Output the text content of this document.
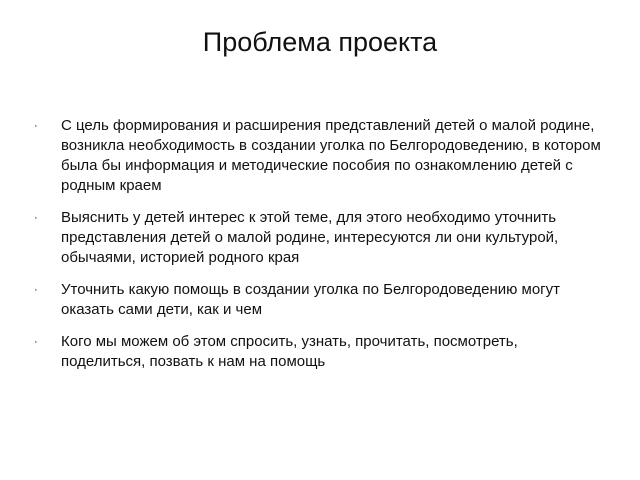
Проблема проекта
· С цель формирования и расширения представлений детей о малой родине, возникла необходимость в создании уголка по Белгородоведению, в котором была бы информация и методические пособия по ознакомлению детей с родным краем
· Выяснить у детей интерес к этой теме, для этого необходимо уточнить представления детей о малой родине, интересуются ли они культурой, обычаями, историей родного края
· Уточнить какую помощь в создании уголка по Белгородоведению могут оказать сами дети, как и чем
· Кого мы можем об этом спросить, узнать, прочитать, посмотреть, поделиться, позвать к нам на помощь
